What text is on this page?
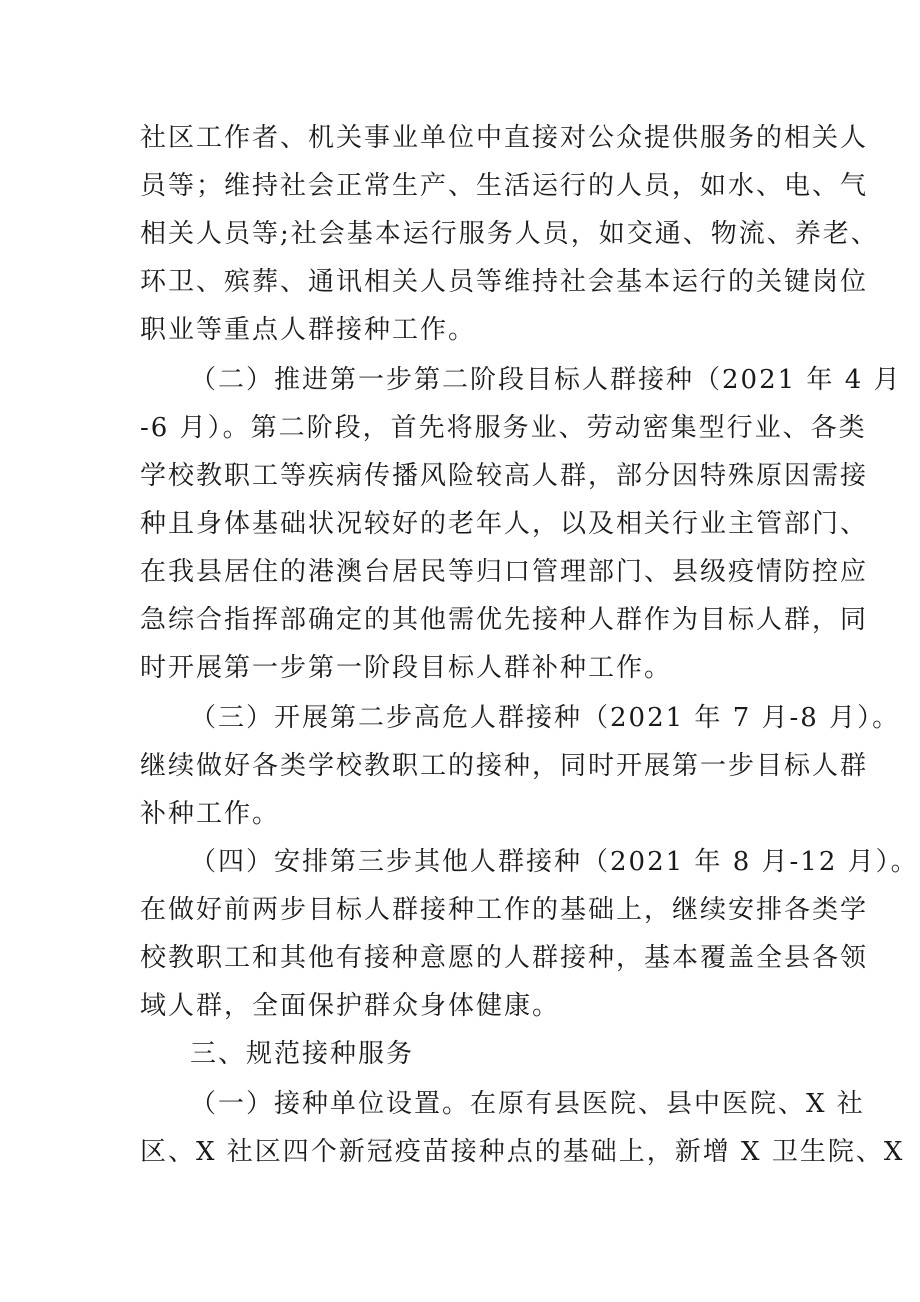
社区工作者、机关事业单位中直接对公众提供服务的相关人
员等；维持社会正常生产、生活运行的人员，如水、电、气
相关人员等;社会基本运行服务人员，如交通、物流、养老、
环卫、殡葬、通讯相关人员等维持社会基本运行的关键岗位
职业等重点人群接种工作。
（二）推进第一步第二阶段目标人群接种（2021 年 4 月
-6 月）。第二阶段，首先将服务业、劳动密集型行业、各类
学校教职工等疾病传播风险较高人群，部分因特殊原因需接
种且身体基础状况较好的老年人，以及相关行业主管部门、
在我县居住的港澳台居民等归口管理部门、县级疫情防控应
急综合指挥部确定的其他需优先接种人群作为目标人群，同
时开展第一步第一阶段目标人群补种工作。
（三）开展第二步高危人群接种（2021 年 7 月-8 月）。
继续做好各类学校教职工的接种，同时开展第一步目标人群
补种工作。
（四）安排第三步其他人群接种（2021 年 8 月-12 月）。
在做好前两步目标人群接种工作的基础上，继续安排各类学
校教职工和其他有接种意愿的人群接种，基本覆盖全县各领
域人群，全面保护群众身体健康。
三、规范接种服务
（一）接种单位设置。在原有县医院、县中医院、X 社
区、X 社区四个新冠疫苗接种点的基础上，新增 X 卫生院、X
